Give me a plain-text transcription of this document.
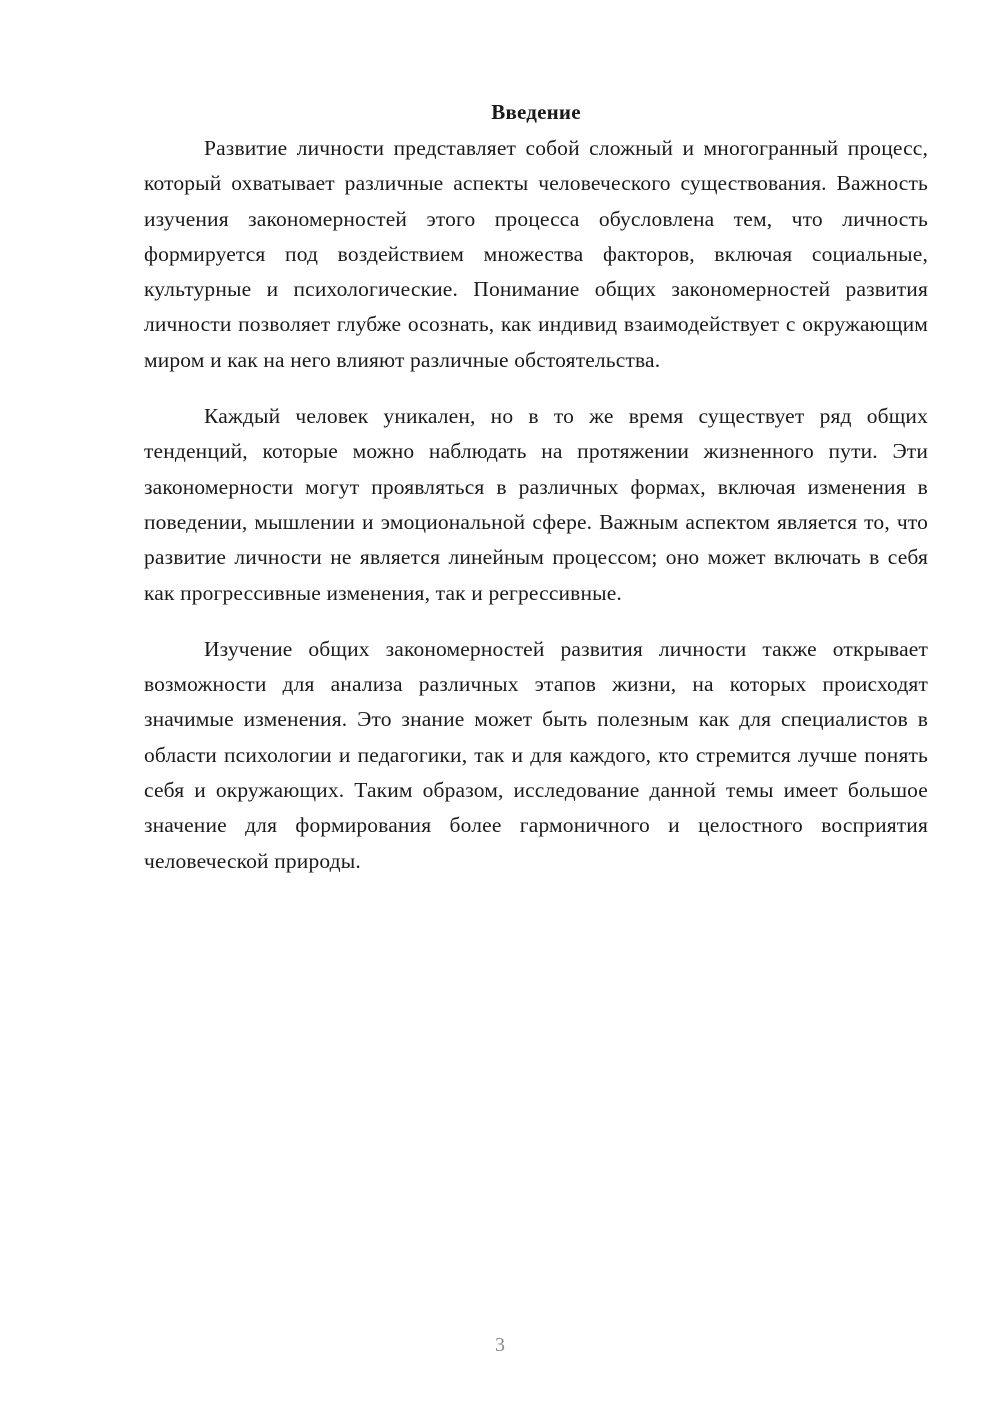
Введение

Развитие личности представляет собой сложный и многогранный процесс, который охватывает различные аспекты человеческого существования. Важность изучения закономерностей этого процесса обусловлена тем, что личность формируется под воздействием множества факторов, включая социальные, культурные и психологические. Понимание общих закономерностей развития личности позволяет глубже осознать, как индивид взаимодействует с окружающим миром и как на него влияют различные обстоятельства.

Каждый человек уникален, но в то же время существует ряд общих тенденций, которые можно наблюдать на протяжении жизненного пути. Эти закономерности могут проявляться в различных формах, включая изменения в поведении, мышлении и эмоциональной сфере. Важным аспектом является то, что развитие личности не является линейным процессом; оно может включать в себя как прогрессивные изменения, так и регрессивные.

Изучение общих закономерностей развития личности также открывает возможности для анализа различных этапов жизни, на которых происходят значимые изменения. Это знание может быть полезным как для специалистов в области психологии и педагогики, так и для каждого, кто стремится лучше понять себя и окружающих. Таким образом, исследование данной темы имеет большое значение для формирования более гармоничного и целостного восприятия человеческой природы.

3
